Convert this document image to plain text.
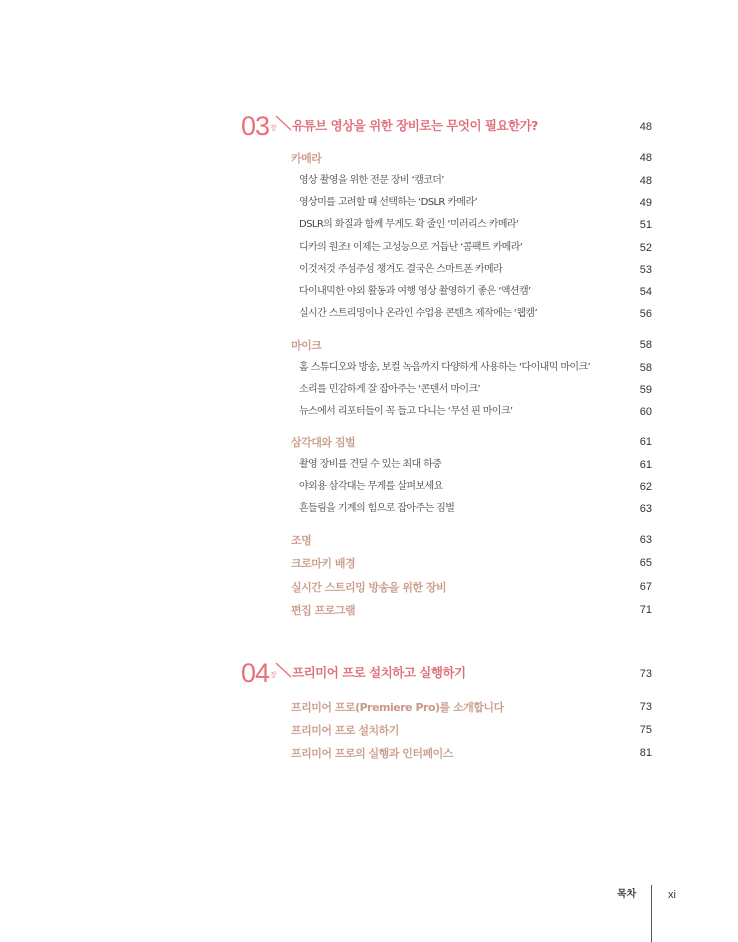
03 장 유튜브 영상을 위한 장비로는 무엇이 필요한가?	48
카메라	48
영상 촬영을 위한 전문 장비 ‘캠코더’	48
영상미를 고려할 때 선택하는 ‘DSLR 카메라’	49
DSLR의 화질과 함께 무게도 확 줄인 ‘미러리스 카메라’	51
디카의 원조! 이제는 고성능으로 거듭난 ‘콤팩트 카메라’	52
이것저것 주섬주섬 챙겨도 결국은 스마트폰 카메라	53
다이내믹한 야외 활동과 여행 영상 촬영하기 좋은 ‘액션캠’	54
실시간 스트리밍이나 온라인 수업용 콘텐츠 제작에는 ‘웹캠’	56
마이크	58
홈 스튜디오와 방송, 보컬 녹음까지 다양하게 사용하는 ‘다이내믹 마이크’	58
소리를 민감하게 잘 잡아주는 ‘콘덴서 마이크’	59
뉴스에서 리포터들이 꼭 들고 다니는 ‘무선 핀 마이크’	60
삼각대와 짐벌	61
촬영 장비를 견딜 수 있는 최대 하중	61
야외용 삼각대는 무게를 살펴보세요	62
흔들림을 기계의 힘으로 잡아주는 짐벌	63
조명	63
크로마키 배경	65
실시간 스트리밍 방송을 위한 장비	67
편집 프로그램	71
04 장 프리미어 프로 설치하고 실행하기	73
프리미어 프로(Premiere Pro)를 소개합니다	73
프리미어 프로 설치하기	75
프리미어 프로의 실행과 인터페이스	81
목차	xi
